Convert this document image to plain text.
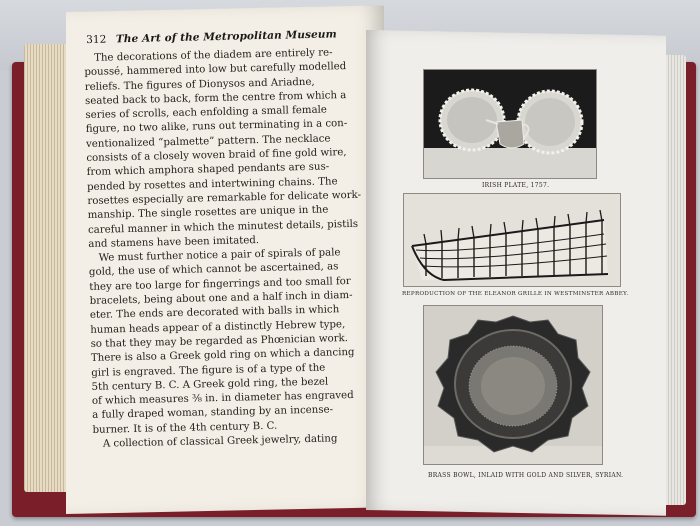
312 The Art of the Metropolitan Museum
The decorations of the diadem are entirely re-
poussé, hammered into low but carefully modelled
reliefs. The figures of Dionysos and Ariadne,
seated back to back, form the centre from which a
series of scrolls, each enfolding a small female
figure, no two alike, runs out terminating in a con-
ventionalized “palmette” pattern. The necklace
consists of a closely woven braid of fine gold wire,
from which amphora shaped pendants are sus-
pended by rosettes and intertwining chains. The
rosettes especially are remarkable for delicate work-
manship. The single rosettes are unique in the
careful manner in which the minutest details, pistils
and stamens have been imitated.
We must further notice a pair of spirals of pale
gold, the use of which cannot be ascertained, as
they are too large for fingerrings and too small for
bracelets, being about one and a half inch in diam-
eter. The ends are decorated with balls in which
human heads appear of a distinctly Hebrew type,
so that they may be regarded as Phœnician work.
There is also a Greek gold ring on which a dancing
girl is engraved. The figure is of a type of the
5th century B. C. A Greek gold ring, the bezel
of which measures ⅜ in. in diameter has engraved
a fully draped woman, standing by an incense-
burner. It is of the 4th century B. C.
A collection of classical Greek jewelry, dating
IRISH PLATE, 1757.
REPRODUCTION OF THE ELEANOR GRILLE IN WESTMINSTER ABBEY.
BRASS BOWL, INLAID WITH GOLD AND SILVER, SYRIAN.
